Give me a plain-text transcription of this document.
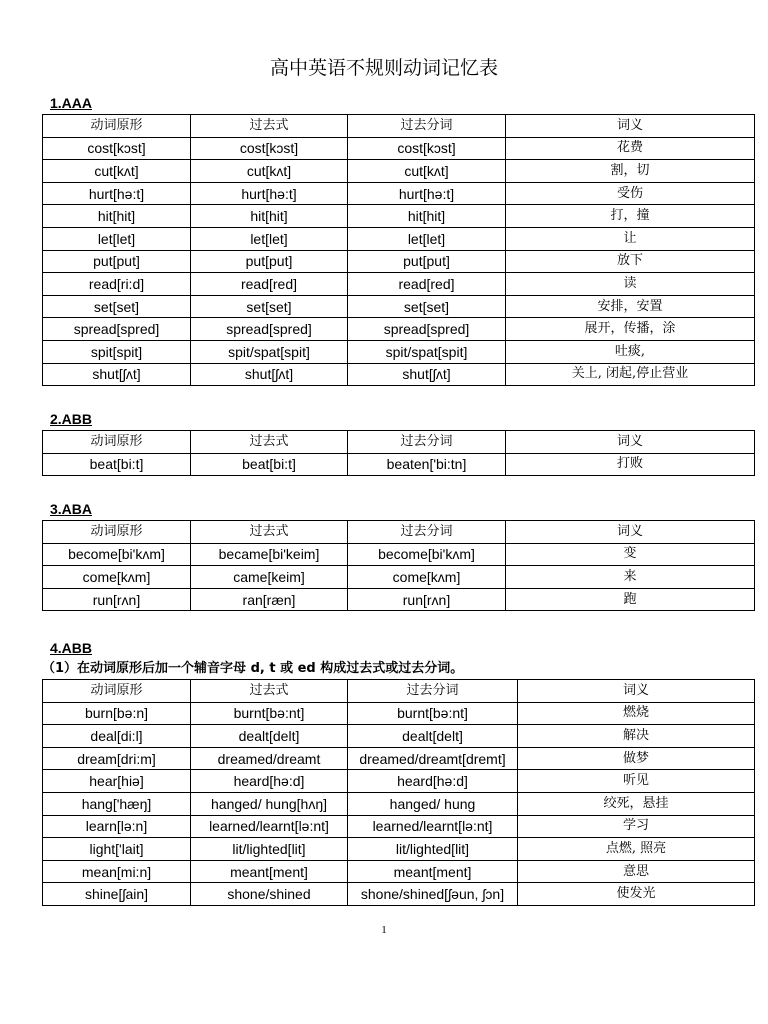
高中英语不规则动词记忆表
1.AAA
动词原形	过去式	过去分词	词义
cost[kɔst]	cost[kɔst]	cost[kɔst]	花费
cut[kʌt]	cut[kʌt]	cut[kʌt]	割，切
hurt[hə:t]	hurt[hə:t]	hurt[hə:t]	受伤
hit[hit]	hit[hit]	hit[hit]	打，撞
let[let]	let[let]	let[let]	让
put[put]	put[put]	put[put]	放下
read[ri:d]	read[red]	read[red]	读
set[set]	set[set]	set[set]	安排，安置
spread[spred]	spread[spred]	spread[spred]	展开，传播，涂
spit[spit]	spit/spat[spit]	spit/spat[spit]	吐痰,
shut[ʃʌt]	shut[ʃʌt]	shut[ʃʌt]	关上, 闭起,停止营业
2.ABB
动词原形	过去式	过去分词	词义
beat[bi:t]	beat[bi:t]	beaten['bi:tn]	打败
3.ABA
动词原形	过去式	过去分词	词义
become[bi'kʌm]	became[bi'keim]	become[bi'kʌm]	变
come[kʌm]	came[keim]	come[kʌm]	来
run[rʌn]	ran[ræn]	run[rʌn]	跑
4.ABB
（1）在动词原形后加一个辅音字母 d, t 或 ed 构成过去式或过去分词。
动词原形	过去式	过去分词	词义
burn[bə:n]	burnt[bə:nt]	burnt[bə:nt]	燃烧
deal[di:l]	dealt[delt]	dealt[delt]	解决
dream[dri:m]	dreamed/dreamt	dreamed/dreamt[dremt]	做梦
hear[hiə]	heard[hə:d]	heard[hə:d]	听见
hang['hæŋ]	hanged/ hung[hʌŋ]	hanged/ hung	绞死，悬挂
learn[lə:n]	learned/learnt[lə:nt]	learned/learnt[lə:nt]	学习
light['lait]	lit/lighted[lit]	lit/lighted[lit]	点燃, 照亮
mean[mi:n]	meant[ment]	meant[ment]	意思
shine[ʃain]	shone/shined	shone/shined[ʃəun, ʃɔn]	使发光
1
